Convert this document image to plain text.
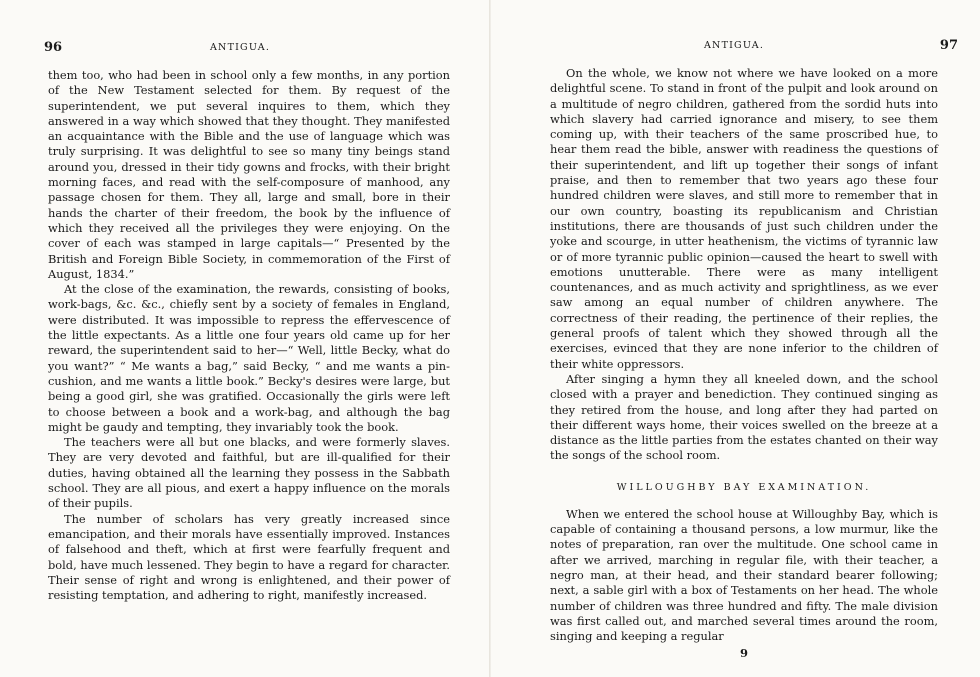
96	ANTIGUA.

them too, who had been in school only a few months, in any portion of the New Testament selected for them. By request of the superintendent, we put several inquires to them, which they answered in a way which showed that they thought. They manifested an acquaintance with the Bible and the use of language which was truly surprising. It was delightful to see so many tiny beings stand around you, dressed in their tidy gowns and frocks, with their bright morning faces, and read with the self-composure of manhood, any passage chosen for them. They all, large and small, bore in their hands the charter of their freedom, the book by the influence of which they received all the privileges they were enjoying. On the cover of each was stamped in large capitals—“ Presented by the British and Foreign Bible Society, in commemoration of the First of August, 1834.”

At the close of the examination, the rewards, consisting of books, work-bags, &c. &c., chiefly sent by a society of females in England, were distributed. It was impossible to repress the effervescence of the little expectants. As a little one four years old came up for her reward, the superintendent said to her—“ Well, little Becky, what do you want?” “ Me wants a bag,” said Becky, “ and me wants a pin-cushion, and me wants a little book.” Becky's desires were large, but being a good girl, she was gratified. Occasionally the girls were left to choose between a book and a work-bag, and although the bag might be gaudy and tempting, they invariably took the book.

The teachers were all but one blacks, and were formerly slaves. They are very devoted and faithful, but are ill-qualified for their duties, having obtained all the learning they possess in the Sabbath school. They are all pious, and exert a happy influence on the morals of their pupils.

The number of scholars has very greatly increased since emancipation, and their morals have essentially improved. Instances of falsehood and theft, which at first were fearfully frequent and bold, have much lessened. They begin to have a regard for character. Their sense of right and wrong is enlightened, and their power of resisting temptation, and adhering to right, manifestly increased.

ANTIGUA.	97

On the whole, we know not where we have looked on a more delightful scene. To stand in front of the pulpit and look around on a multitude of negro children, gathered from the sordid huts into which slavery had carried ignorance and misery, to see them coming up, with their teachers of the same proscribed hue, to hear them read the bible, answer with readiness the questions of their superintendent, and lift up together their songs of infant praise, and then to remember that two years ago these four hundred children were slaves, and still more to remember that in our own country, boasting its republicanism and Christian institutions, there are thousands of just such children under the yoke and scourge, in utter heathenism, the victims of tyrannic law or of more tyrannic public opinion—caused the heart to swell with emotions unutterable. There were as many intelligent countenances, and as much activity and sprightliness, as we ever saw among an equal number of children anywhere. The correctness of their reading, the pertinence of their replies, the general proofs of talent which they showed through all the exercises, evinced that they are none inferior to the children of their white oppressors.

After singing a hymn they all kneeled down, and the school closed with a prayer and benediction. They continued singing as they retired from the house, and long after they had parted on their different ways home, their voices swelled on the breeze at a distance as the little parties from the estates chanted on their way the songs of the school room.

WILLOUGHBY BAY EXAMINATION.

When we entered the school house at Willoughby Bay, which is capable of containing a thousand persons, a low murmur, like the notes of preparation, ran over the multitude. One school came in after we arrived, marching in regular file, with their teacher, a negro man, at their head, and their standard bearer following; next, a sable girl with a box of Testaments on her head. The whole number of children was three hundred and fifty. The male division was first called out, and marched several times around the room, singing and keeping a regular

9
